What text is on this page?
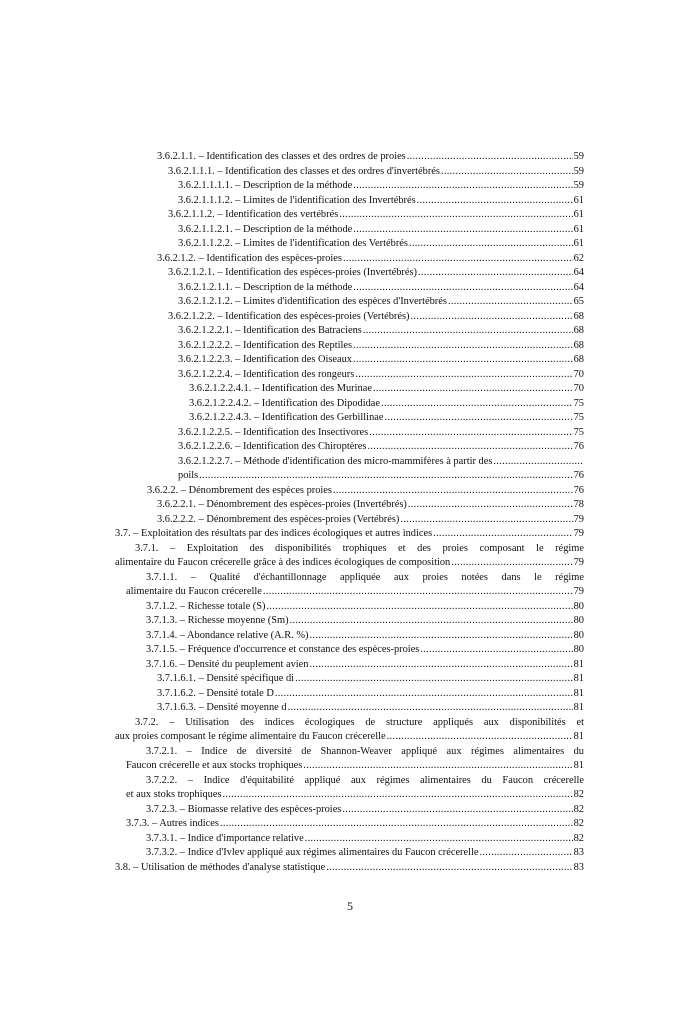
3.6.2.1.1. – Identification des classes et des ordres de proies .....	59
3.6.2.1.1.1. – Identification des classes et des ordres d'invertébrés .....	59
3.6.2.1.1.1.1. – Description de la méthode .....	59
3.6.2.1.1.1.2. – Limites de l'identification des Invertébrés .....	61
3.6.2.1.1.2. – Identification des vertébrés .....	61
3.6.2.1.1.2.1. – Description de la méthode .....	61
3.6.2.1.1.2.2. – Limites de l'identification des Vertébrés .....	61
3.6.2.1.2. – Identification des espèces-proies .....	62
3.6.2.1.2.1. – Identification des espèces-proies (Invertébrés) .....	64
3.6.2.1.2.1.1. – Description de la méthode .....	64
3.6.2.1.2.1.2. – Limites d'identification des espèces d'Invertébrés .....	65
3.6.2.1.2.2. – Identification des espèces-proies (Vertébrés) .....	68
3.6.2.1.2.2.1. – Identification des Batraciens .....	68
3.6.2.1.2.2.2. – Identification des Reptiles .....	68
3.6.2.1.2.2.3. – Identification des Oiseaux .....	68
3.6.2.1.2.2.4. – Identification des rongeurs .....	70
3.6.2.1.2.2.4.1. – Identification des Murinae .....	70
3.6.2.1.2.2.4.2. – Identification des Dipodidae .....	75
3.6.2.1.2.2.4.3. – Identification des Gerbillinae .....	75
3.6.2.1.2.2.5. – Identification des Insectivores .....	75
3.6.2.1.2.2.6. – Identification des Chiroptères .....	76
3.6.2.1.2.2.7. – Méthode d'identification des micro-mammifères à partir des
.....
poils .....	76
3.6.2.2. – Dénombrement des espèces proies .....	76
3.6.2.2.1. – Dénombrement des espèces-proies (Invertébrés) .....	78
3.6.2.2.2. – Dénombrement des espèces-proies (Vertébrés) .....	79
3.7. – Exploitation des résultats par des indices écologiques et autres indices .....	79
3.7.1. – Exploitation des disponibilités trophiques et des proies composant le régime
alimentaire du Faucon crécerelle grâce à des indices écologiques de composition .....	79
3.7.1.1. – Qualité d'échantillonnage appliquée aux proies notées dans le régime
alimentaire du Faucon crécerelle .....	79
3.7.1.2. – Richesse totale (S) .....	80
3.7.1.3. – Richesse moyenne (Sm) .....	80
3.7.1.4. – Abondance relative (A.R. %) .....	80
3.7.1.5. – Fréquence d'occurrence et constance des espèces-proies .....	80
3.7.1.6. – Densité du peuplement avien .....	81
3.7.1.6.1. – Densité spécifique di .....	81
3.7.1.6.2. – Densité totale D .....	81
3.7.1.6.3. – Densité moyenne d .....	81
3.7.2. – Utilisation des indices écologiques de structure appliqués aux disponibilités et
aux proies composant le régime alimentaire du Faucon crécerelle .....	81
3.7.2.1. – Indice de diversité de Shannon-Weaver appliqué aux régimes alimentaires du
Faucon crécerelle et aux stocks trophiques .....	81
3.7.2.2. – Indice d'équitabilité appliqué aux régimes alimentaires du Faucon crécerelle
et aux stoks trophiques .....	82
3.7.2.3. – Biomasse relative des espèces-proies .....	82
3.7.3. – Autres indices .....	82
3.7.3.1. – Indice d'importance relative .....	82
3.7.3.2. – Indice d'Ivlev appliqué aux régimes alimentaires du Faucon crécerelle .....	83
3.8. – Utilisation de méthodes d'analyse statistique .....	83
5
